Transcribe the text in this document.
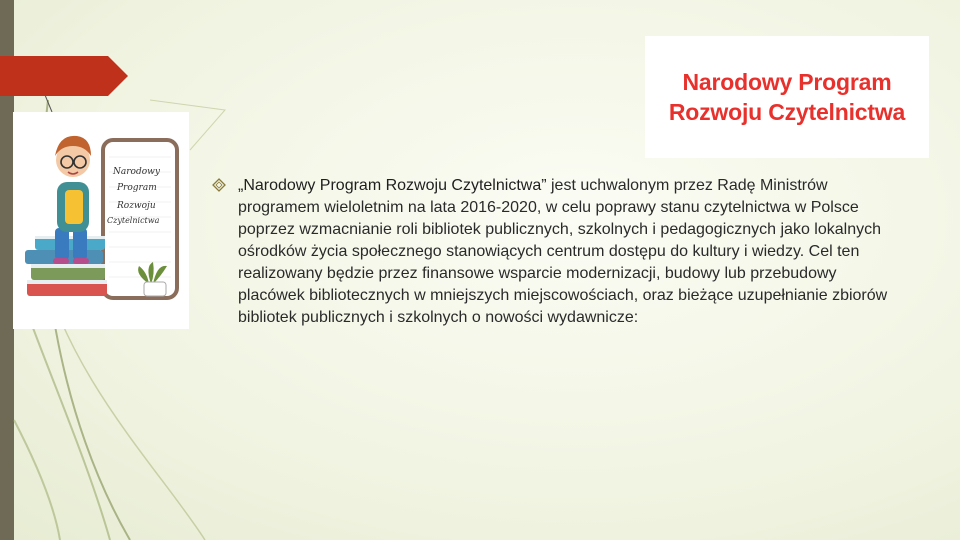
Narodowy
Program
Rozwoju
Czytelnictwa
Narodowy Program
Rozwoju Czytelnictwa
„Narodowy Program Rozwoju Czytelnictwa” jest uchwalonym przez Radę Ministrów programem wieloletnim na lata 2016-2020, w celu poprawy stanu czytelnictwa w Polsce poprzez wzmacnianie roli bibliotek publicznych, szkolnych i pedagogicznych jako lokalnych ośrodków życia społecznego stanowiących centrum dostępu do kultury i wiedzy. Cel ten realizowany będzie przez finansowe wsparcie modernizacji, budowy lub przebudowy placówek bibliotecznych w mniejszych miejscowościach, oraz bieżące uzupełnianie zbiorów bibliotek publicznych i szkolnych o nowości wydawnicze:
